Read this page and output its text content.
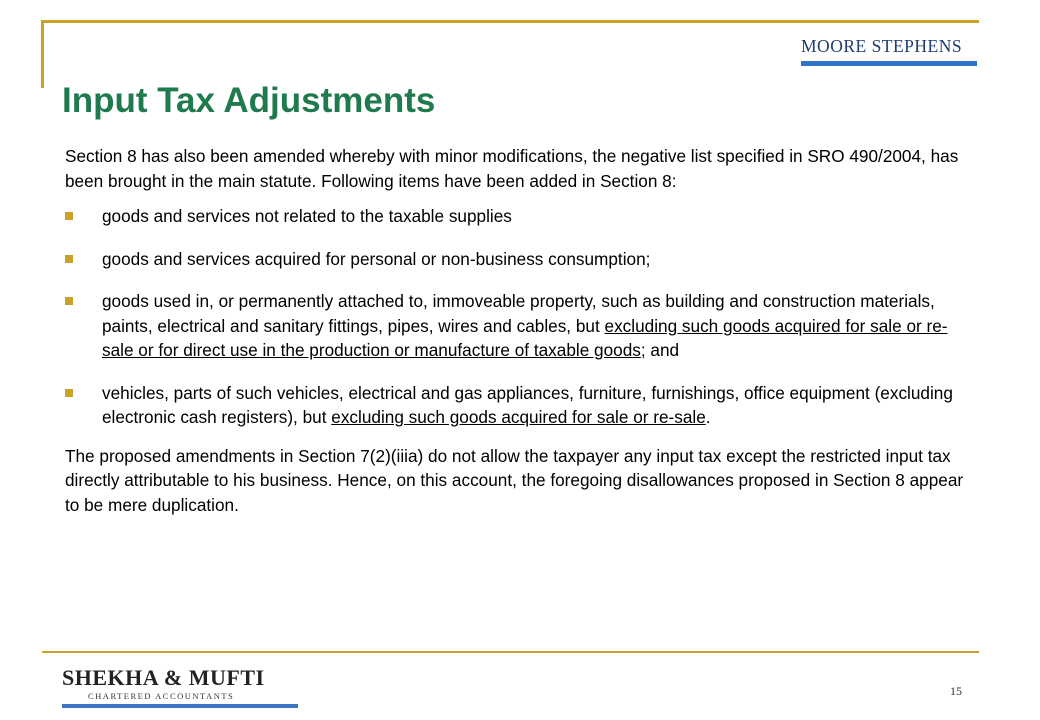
MOORE STEPHENS
Input Tax Adjustments

Section 8 has also been amended whereby with minor modifications, the negative list specified in SRO 490/2004, has been brought in the main statute. Following items have been added in Section 8:

goods and services not related to the taxable supplies
goods and services acquired for personal or non-business consumption;
goods used in, or permanently attached to, immoveable property, such as building and construction materials, paints, electrical and sanitary fittings, pipes, wires and cables, but excluding such goods acquired for sale or re-sale or for direct use in the production or manufacture of taxable goods; and
vehicles, parts of such vehicles, electrical and gas appliances, furniture, furnishings, office equipment (excluding electronic cash registers), but excluding such goods acquired for sale or re-sale.

The proposed amendments in Section 7(2)(iiia) do not allow the taxpayer any input tax except the restricted input tax directly attributable to his business. Hence, on this account, the foregoing disallowances proposed in Section 8 appear to be mere duplication.

SHEKHA & MUFTI
CHARTERED ACCOUNTANTS	15
